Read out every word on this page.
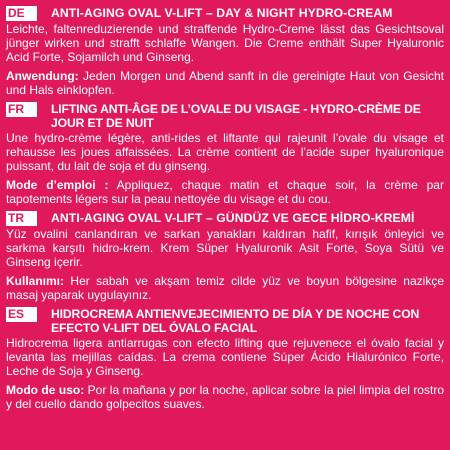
DE	ANTI-AGING OVAL V-LIFT – DAY & NIGHT HYDRO-CREAM

Leichte, faltenreduzierende und straffende Hydro-Creme lässt das Gesichtsoval jünger wirken und strafft schlaffe Wangen. Die Creme enthält Super Hyaluronic Acid Forte, Sojamilch und Ginseng.

Anwendung: Jeden Morgen und Abend sanft in die gereinigte Haut von Gesicht und Hals einklopfen.

FR	LIFTING ANTI-ÂGE DE L’OVALE DU VISAGE - HYDRO-CRÈME DE JOUR ET DE NUIT

Une hydro-crème légère, anti-rides et liftante qui rajeunit l’ovale du visage et rehausse les joues affaissées. La crème contient de l’acide super hyaluronique puissant, du lait de soja et du ginseng.

Mode d’emploi : Appliquez, chaque matin et chaque soir, la crème par tapotements légers sur la peau nettoyée du visage et du cou.

TR	ANTI-AGING OVAL V-LIFT – GÜNDÜZ VE GECE HİDRO-KREMİ

Yüz ovalini canlandıran ve sarkan yanakları kaldıran hafif, kırışık önleyici ve sarkma karşıtı hidro-krem. Krem Süper Hyaluronik Asit Forte, Soya Sütü ve Ginseng içerir.

Kullanımı: Her sabah ve akşam temiz cilde yüz ve boyun bölgesine nazikçe masaj yaparak uygulayınız.

ES	HIDROCREMA ANTIENVEJECIMIENTO DE DÍA Y DE NOCHE CON EFECTO V-LIFT DEL ÓVALO FACIAL

Hidrocrema ligera antiarrugas con efecto lifting que rejuvenece el óvalo facial y levanta las mejillas caídas. La crema contiene Súper Ácido Hialurónico Forte, Leche de Soja y Ginseng.

Modo de uso: Por la mañana y por la noche, aplicar sobre la piel limpia del rostro y del cuello dando golpecitos suaves.
